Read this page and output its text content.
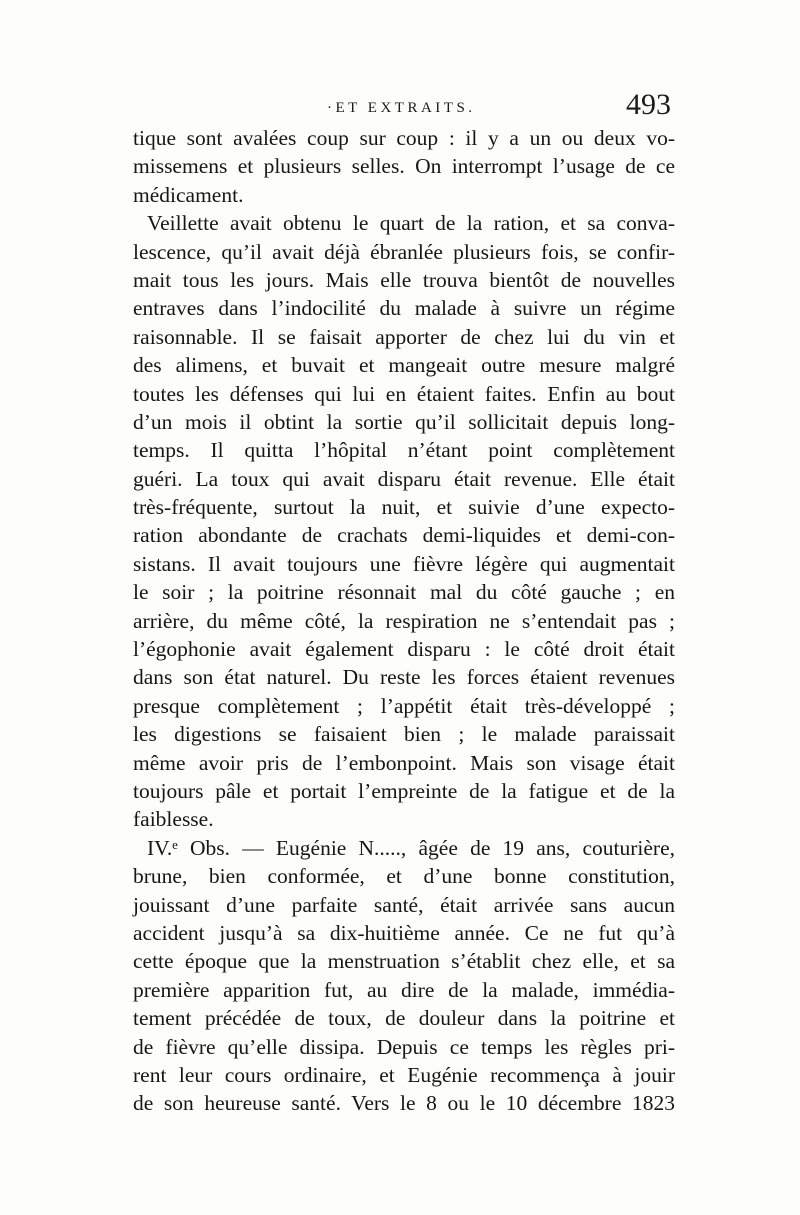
·ET EXTRAITS.	493
tique sont avalées coup sur coup : il y a un ou deux vo-
missemens et plusieurs selles. On interrompt l’usage de ce
médicament.
Veillette avait obtenu le quart de la ration, et sa conva-
lescence, qu’il avait déjà ébranlée plusieurs fois, se confir-
mait tous les jours. Mais elle trouva bientôt de nouvelles
entraves dans l’indocilité du malade à suivre un régime
raisonnable. Il se faisait apporter de chez lui du vin et
des alimens, et buvait et mangeait outre mesure malgré
toutes les défenses qui lui en étaient faites. Enfin au bout
d’un mois il obtint la sortie qu’il sollicitait depuis long-
temps. Il quitta l’hôpital n’étant point complètement
guéri. La toux qui avait disparu était revenue. Elle était
très-fréquente, surtout la nuit, et suivie d’une expecto-
ration abondante de crachats demi-liquides et demi-con-
sistans. Il avait toujours une fièvre légère qui augmentait
le soir ; la poitrine résonnait mal du côté gauche ; en
arrière, du même côté, la respiration ne s’entendait pas ;
l’égophonie avait également disparu : le côté droit était
dans son état naturel. Du reste les forces étaient revenues
presque complètement ; l’appétit était très-développé ;
les digestions se faisaient bien ; le malade paraissait
même avoir pris de l’embonpoint. Mais son visage était
toujours pâle et portait l’empreinte de la fatigue et de la
faiblesse.
IV.ᵉ Obs. — Eugénie N....., âgée de 19 ans, couturière,
brune, bien conformée, et d’une bonne constitution,
jouissant d’une parfaite santé, était arrivée sans aucun
accident jusqu’à sa dix-huitième année. Ce ne fut qu’à
cette époque que la menstruation s’établit chez elle, et sa
première apparition fut, au dire de la malade, immédia-
tement précédée de toux, de douleur dans la poitrine et
de fièvre qu’elle dissipa. Depuis ce temps les règles pri-
rent leur cours ordinaire, et Eugénie recommença à jouir
de son heureuse santé. Vers le 8 ou le 10 décembre 1823
